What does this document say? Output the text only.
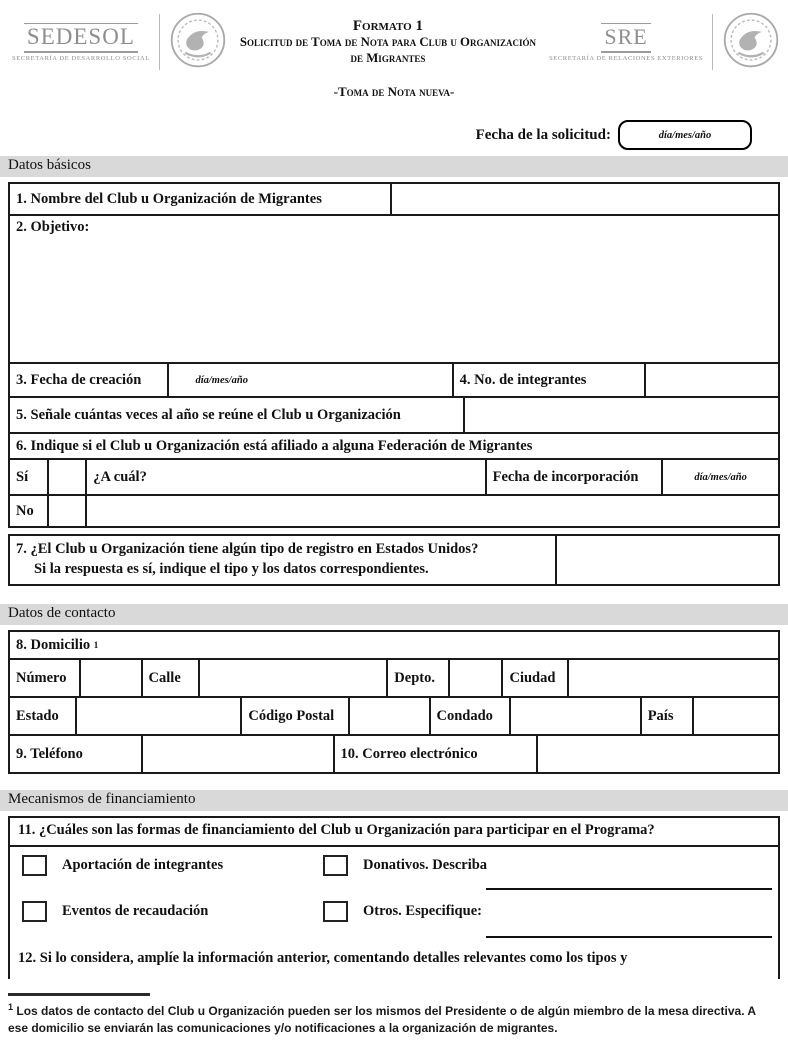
SEDESOL
SECRETARÍA DE DESARROLLO SOCIAL
Formato 1
Solicitud de Toma de Nota para Club u Organización
de Migrantes
SRE
SECRETARÍA DE RELACIONES EXTERIORES
-Toma de Nota nueva-
Fecha de la solicitud:	día/mes/año
Datos básicos
1. Nombre del Club u Organización de Migrantes
2. Objetivo:
3. Fecha de creación	día/mes/año	4. No. de integrantes
5. Señale cuántas veces al año se reúne el Club u Organización
6. Indique si el Club u Organización está afiliado a alguna Federación de Migrantes
Sí	¿A cuál?	Fecha de incorporación	día/mes/año
No
7. ¿El Club u Organización tiene algún tipo de registro en Estados Unidos?
Si la respuesta es sí, indique el tipo y los datos correspondientes.
Datos de contacto
8. Domicilio
1
Número	Calle	Depto.	Ciudad
Estado	Código Postal	Condado	País
9. Teléfono	10. Correo electrónico
Mecanismos de financiamiento
11. ¿Cuáles son las formas de financiamiento del Club u Organización para participar en el Programa?
Aportación de integrantes	Donativos. Describa
Eventos de recaudación	Otros. Especifique:
12. Si lo considera, amplíe la información anterior, comentando detalles relevantes como los tipos y
$^1$ Los datos de contacto del Club u Organización pueden ser los mismos del Presidente o de algún miembro de la mesa directiva. A ese domicilio se enviarán las comunicaciones y/o notificaciones a la organización de migrantes.
